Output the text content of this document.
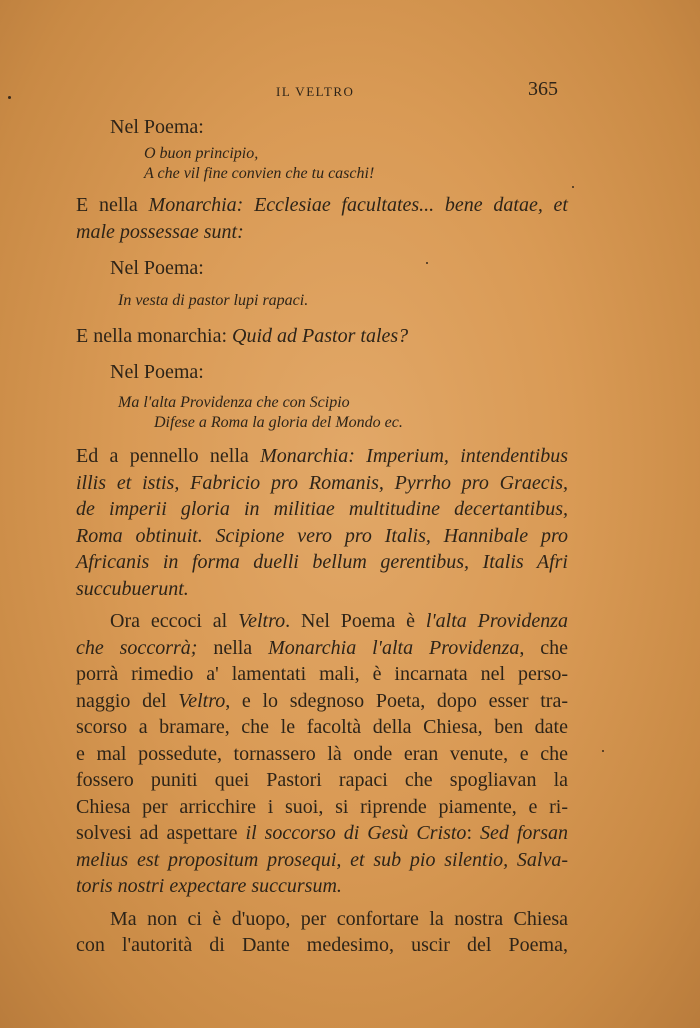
IL VELTRO	365
Nel Poema:
O buon principio,
A che vil fine convien che tu caschi!
E nella Monarchia: Ecclesiae facultates... bene datae, et
male possessae sunt:
Nel Poema:
In vesta di pastor lupi rapaci.
E nella monarchia: Quid ad Pastor tales?
Nel Poema:
Ma l'alta Providenza che con Scipio
Difese a Roma la gloria del Mondo ec.
Ed a pennello nella Monarchia: Imperium, intendentibus
illis et istis, Fabricio pro Romanis, Pyrrho pro Graecis,
de imperii gloria in militiae multitudine decertantibus,
Roma obtinuit. Scipione vero pro Italis, Hannibale pro
Africanis in forma duelli bellum gerentibus, Italis Afri
succubuerunt.
Ora eccoci al Veltro. Nel Poema è l'alta Providenza
che soccorrà; nella Monarchia l'alta Providenza, che
porrà rimedio a' lamentati mali, è incarnata nel perso-
naggio del Veltro, e lo sdegnoso Poeta, dopo esser tra-
scorso a bramare, che le facoltà della Chiesa, ben date
e mal possedute, tornassero là onde eran venute, e che
fossero puniti quei Pastori rapaci che spogliavan la
Chiesa per arricchire i suoi, si riprende piamente, e ri-
solvesi ad aspettare il soccorso di Gesù Cristo: Sed forsan
melius est propositum prosequi, et sub pio silentio, Salva-
toris nostri expectare succursum.
Ma non ci è d'uopo, per confortare la nostra Chiesa
con l'autorità di Dante medesimo, uscir del Poema,
